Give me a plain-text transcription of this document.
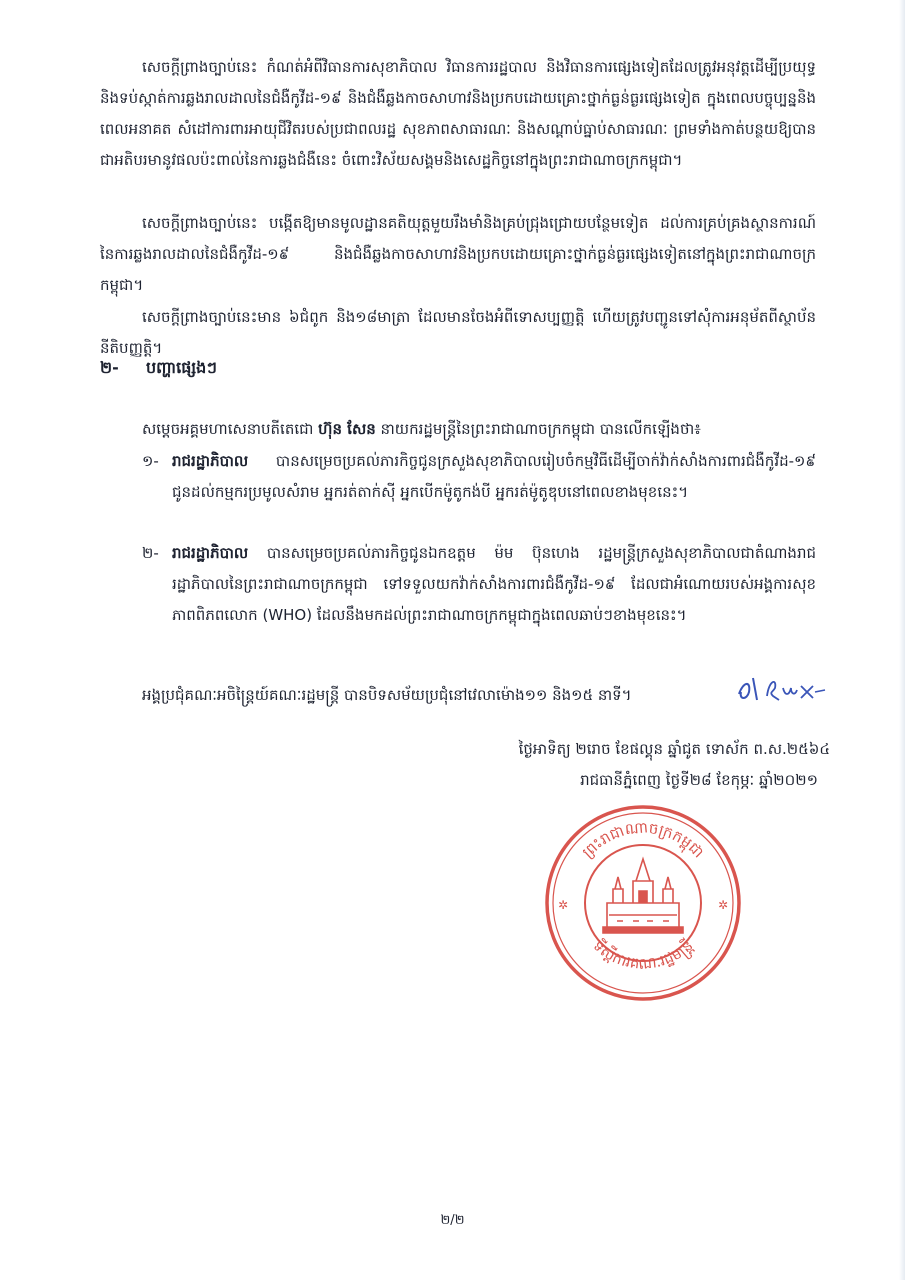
សេចក្ដីព្រាងច្បាប់នេះ កំណត់អំពីវិធានការសុខាភិបាល វិធានការរដ្ឋបាល និងវិធានការផ្សេងទៀតដែលត្រូវអនុវត្តដើម្បីប្រយុទ្ធនិងទប់ស្កាត់ការឆ្លងរាលដាលនៃជំងឺកូវីដ-១៩ និងជំងឺឆ្លងកាចសាហាវនិងប្រកបដោយគ្រោះថ្នាក់ធ្ងន់ធ្ងរផ្សេងទៀត ក្នុងពេលបច្ចុប្បន្ននិងពេលអនាគត សំដៅការពារអាយុជីវិតរបស់ប្រជាពលរដ្ឋ សុខភាពសាធារណៈ និងសណ្ដាប់ធ្នាប់សាធារណៈ ព្រមទាំងកាត់បន្ថយឱ្យបានជាអតិបរមានូវផលប៉ះពាល់នៃការឆ្លងជំងឺនេះ ចំពោះវិស័យសង្គមនិងសេដ្ឋកិច្ចនៅក្នុងព្រះរាជាណាចក្រកម្ពុជា។

សេចក្ដីព្រាងច្បាប់នេះ បង្កើតឱ្យមានមូលដ្ឋានគតិយុត្តមួយរឹងមាំនិងគ្រប់ជ្រុងជ្រោយបន្ថែមទៀត ដល់ការគ្រប់គ្រងស្ថានការណ៍នៃការឆ្លងរាលដាលនៃជំងឺកូវីដ-១៩ និងជំងឺឆ្លងកាចសាហាវនិងប្រកបដោយគ្រោះថ្នាក់ធ្ងន់ធ្ងរផ្សេងទៀតនៅក្នុងព្រះរាជាណាចក្រកម្ពុជា។

សេចក្ដីព្រាងច្បាប់នេះមាន ៦ជំពូក និង១៨មាត្រា ដែលមានចែងអំពីទោសប្បញ្ញត្តិ ហើយត្រូវបញ្ជូនទៅសុំការអនុម័តពីស្ថាប័ននីតិបញ្ញត្តិ។

២- បញ្ហាផ្សេងៗ

សម្ដេចអគ្គមហាសេនាបតីតេជោ ហ៊ុន សែន នាយករដ្ឋមន្ត្រីនៃព្រះរាជាណាចក្រកម្ពុជា បានលើកឡើងថា៖

១- រាជរដ្ឋាភិបាល បានសម្រេចប្រគល់ភារកិច្ចជូនក្រសួងសុខាភិបាលរៀបចំកម្មវិធីដើម្បីចាក់វ៉ាក់សាំងការពារជំងឺកូវីដ-១៩ ជូនដល់កម្មករប្រមូលសំរាម អ្នករត់តាក់ស៊ី អ្នកបើកម៉ូតូកង់បី អ្នករត់ម៉ូតូឌុបនៅពេលខាងមុខនេះ។
២- រាជរដ្ឋាភិបាល បានសម្រេចប្រគល់ភារកិច្ចជូនឯកឧត្តម ម៉ម ប៊ុនហេង រដ្ឋមន្ត្រីក្រសួងសុខាភិបាលជាតំណាងរាជរដ្ឋាភិបាលនៃព្រះរាជាណាចក្រកម្ពុជា ទៅទទួលយកវ៉ាក់សាំងការពារជំងឺកូវីដ-១៩ ដែលជាអំណោយរបស់អង្គការសុខភាពពិភពលោក (WHO) ដែលនឹងមកដល់ព្រះរាជាណាចក្រកម្ពុជាក្នុងពេលឆាប់ៗខាងមុខនេះ។

អង្គប្រជុំគណៈអចិន្ត្រៃយ៍គណៈរដ្ឋមន្ត្រី បានបិទសម័យប្រជុំនៅវេលាម៉ោង១១ និង១៥ នាទី។

ថ្ងៃអាទិត្យ ២រោច ខែផល្គុន ឆ្នាំជូត ទោស័ក ព.ស.២៥៦៤
រាជធានីភ្នំពេញ ថ្ងៃទី២៨ ខែកុម្ភៈ ឆ្នាំ២០២១
ព្រះរាជាណាចក្រកម្ពុជា
ទីស្ដីការគណៈរដ្ឋមន្ត្រី
✲	✲
២/២
